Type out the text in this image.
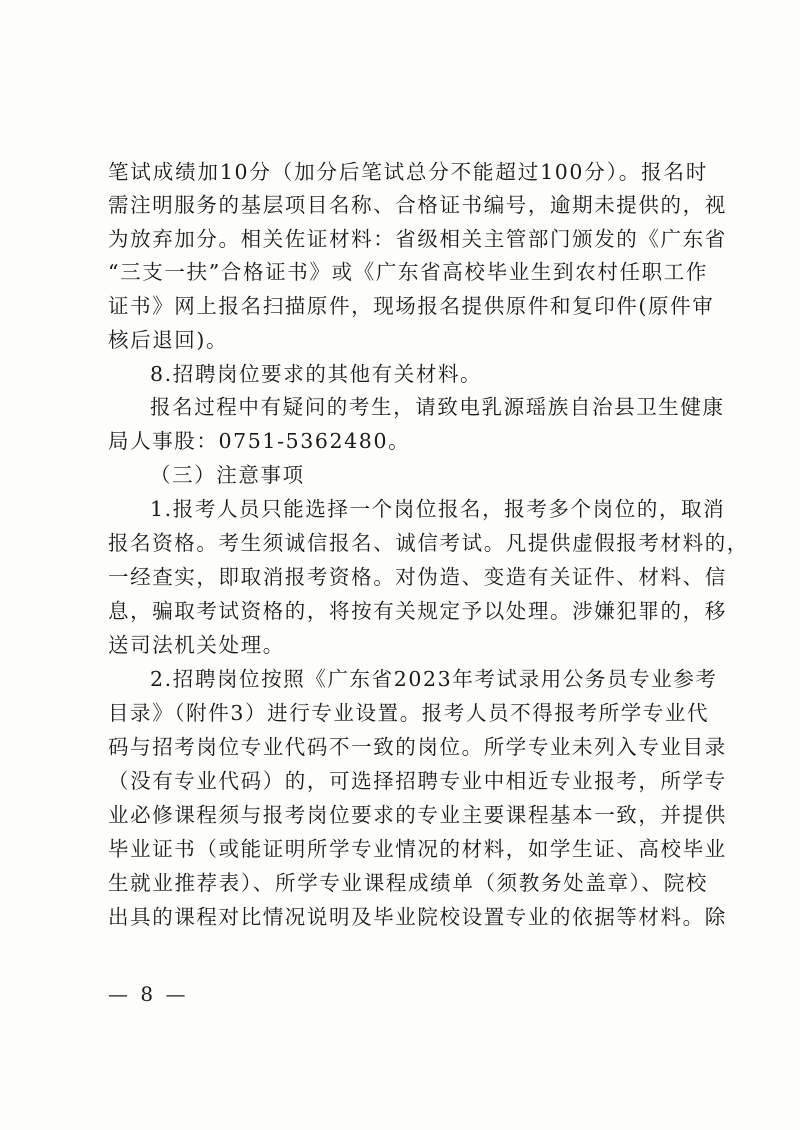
笔试成绩加10分（加分后笔试总分不能超过100分）。报名时
需注明服务的基层项目名称、合格证书编号，逾期未提供的，视
为放弃加分。相关佐证材料：省级相关主管部门颁发的《广东省
“三支一扶”合格证书》或《广东省高校毕业生到农村任职工作
证书》网上报名扫描原件，现场报名提供原件和复印件(原件审
核后退回)。
8.招聘岗位要求的其他有关材料。
报名过程中有疑问的考生，请致电乳源瑶族自治县卫生健康
局人事股：0751-5362480。
（三）注意事项
1.报考人员只能选择一个岗位报名，报考多个岗位的，取消
报名资格。考生须诚信报名、诚信考试。凡提供虚假报考材料的，
一经查实，即取消报考资格。对伪造、变造有关证件、材料、信
息，骗取考试资格的，将按有关规定予以处理。涉嫌犯罪的，移
送司法机关处理。
2.招聘岗位按照《广东省2023年考试录用公务员专业参考
目录》（附件3）进行专业设置。报考人员不得报考所学专业代
码与招考岗位专业代码不一致的岗位。所学专业未列入专业目录
（没有专业代码）的，可选择招聘专业中相近专业报考，所学专
业必修课程须与报考岗位要求的专业主要课程基本一致，并提供
毕业证书（或能证明所学专业情况的材料，如学生证、高校毕业
生就业推荐表）、所学专业课程成绩单（须教务处盖章）、院校
出具的课程对比情况说明及毕业院校设置专业的依据等材料。除
— 8 —
